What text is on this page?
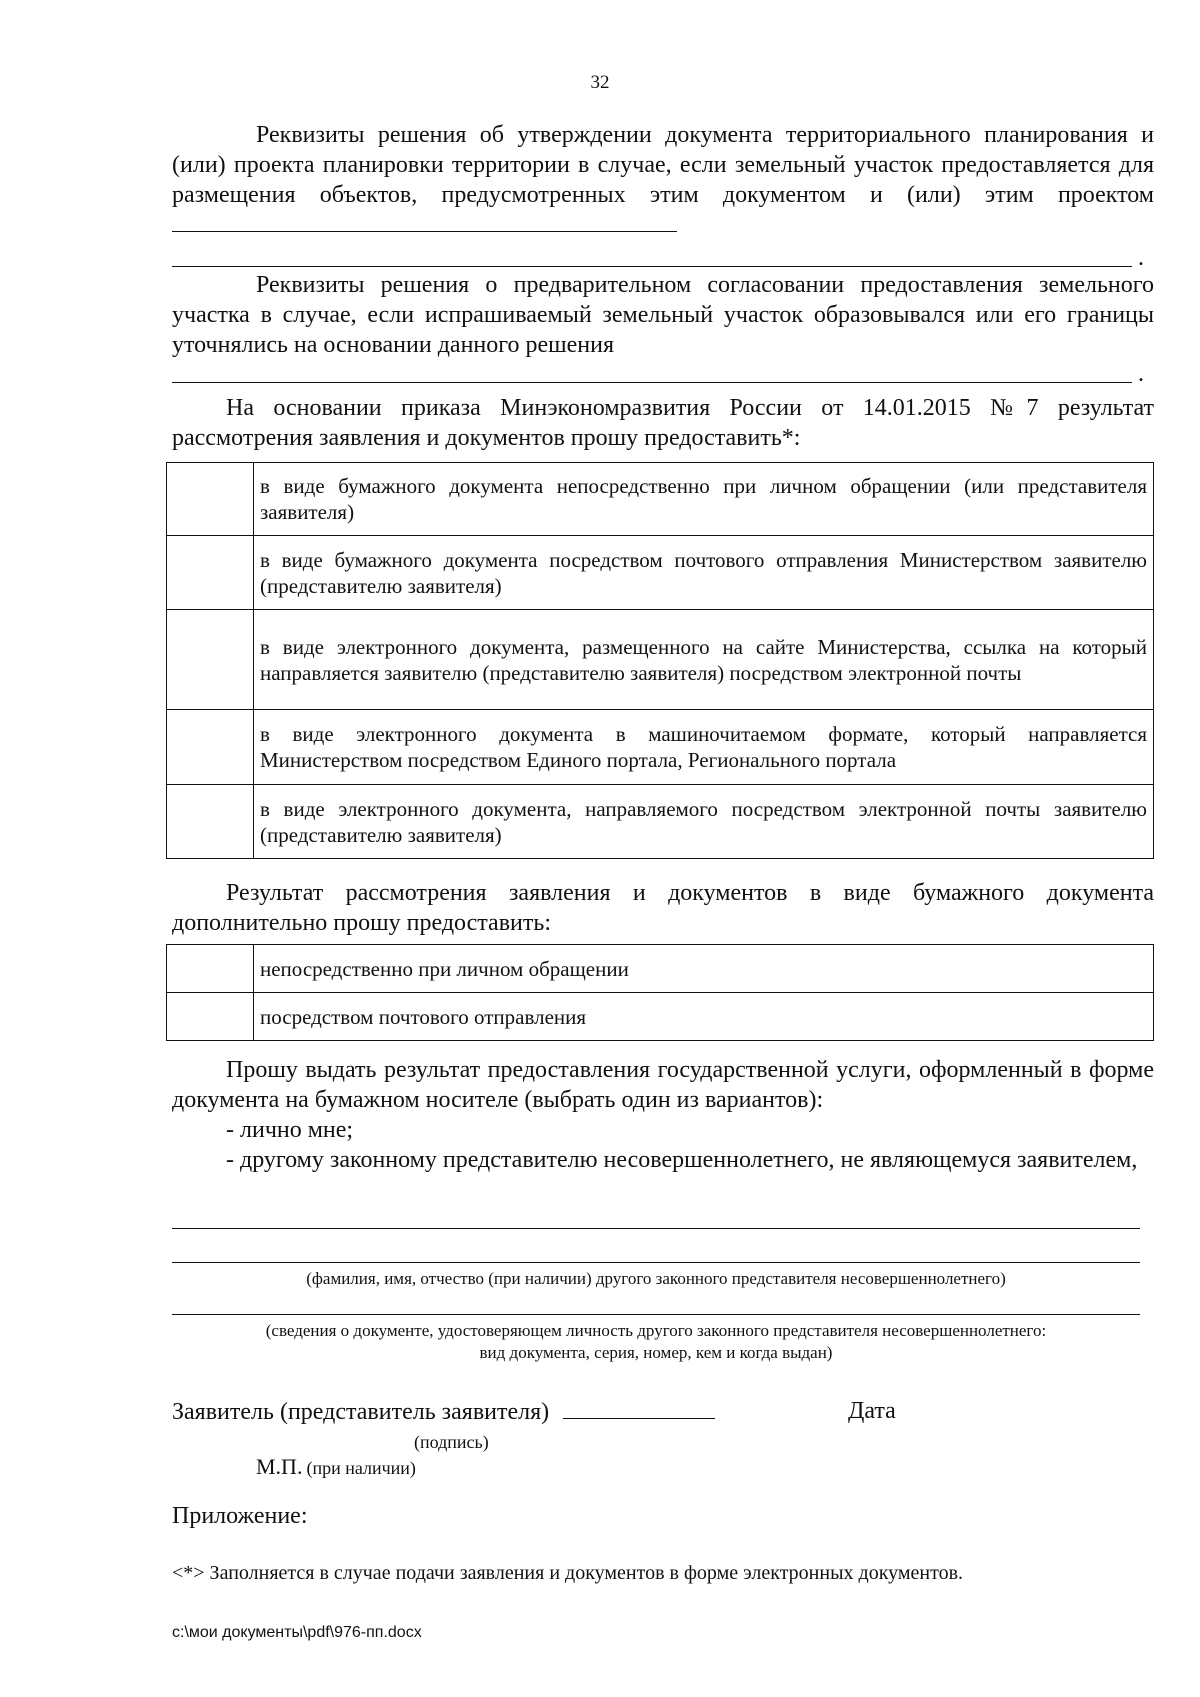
32

Реквизиты решения об утверждении документа территориального планирования и (или) проекта планировки территории в случае, если земельный участок предоставляется для размещения объектов, предусмотренных этим документом и (или) этим проектом

.

Реквизиты решения о предварительном согласовании предоставления земельного участка в случае, если испрашиваемый земельный участок образовывался или его границы уточнялись на основании данного решения

.

На основании приказа Минэкономразвития России от 14.01.2015 №7 результат рассмотрения заявления и документов прошу предоставить*:

	в виде бумажного документа непосредственно при личном обращении (или представителя заявителя)
	в виде бумажного документа посредством почтового отправления Министерством заявителю (представителю заявителя)
	в виде электронного документа, размещенного на сайте Министерства, ссылка на который направляется заявителю (представителю заявителя) посредством электронной почты
	в виде электронного документа в машиночитаемом формате, который направляется Министерством посредством Единого портала, Регионального портала
	в виде электронного документа, направляемого посредством электронной почты заявителю (представителю заявителя)

Результат рассмотрения заявления и документов в виде бумажного документа дополнительно прошу предоставить:

	непосредственно при личном обращении
	посредством почтового отправления

Прошу выдать результат предоставления государственной услуги, оформленный в форме документа на бумажном носителе (выбрать один из вариантов):

- лично мне;

- другому законному представителю несовершеннолетнего, не являющемуся заявителем,

(фамилия, имя, отчество (при наличии) другого законного представителя несовершеннолетнего)
(сведения о документе, удостоверяющем личность другого законного представителя несовершеннолетнего:
вид документа, серия, номер, кем и когда выдан)
Заявитель (представитель заявителя)	Дата
(подпись)
М.П. (при наличии)
Приложение:
<*> Заполняется в случае подачи заявления и документов в форме электронных документов.
c:\мои документы\pdf\976-пп.docx
